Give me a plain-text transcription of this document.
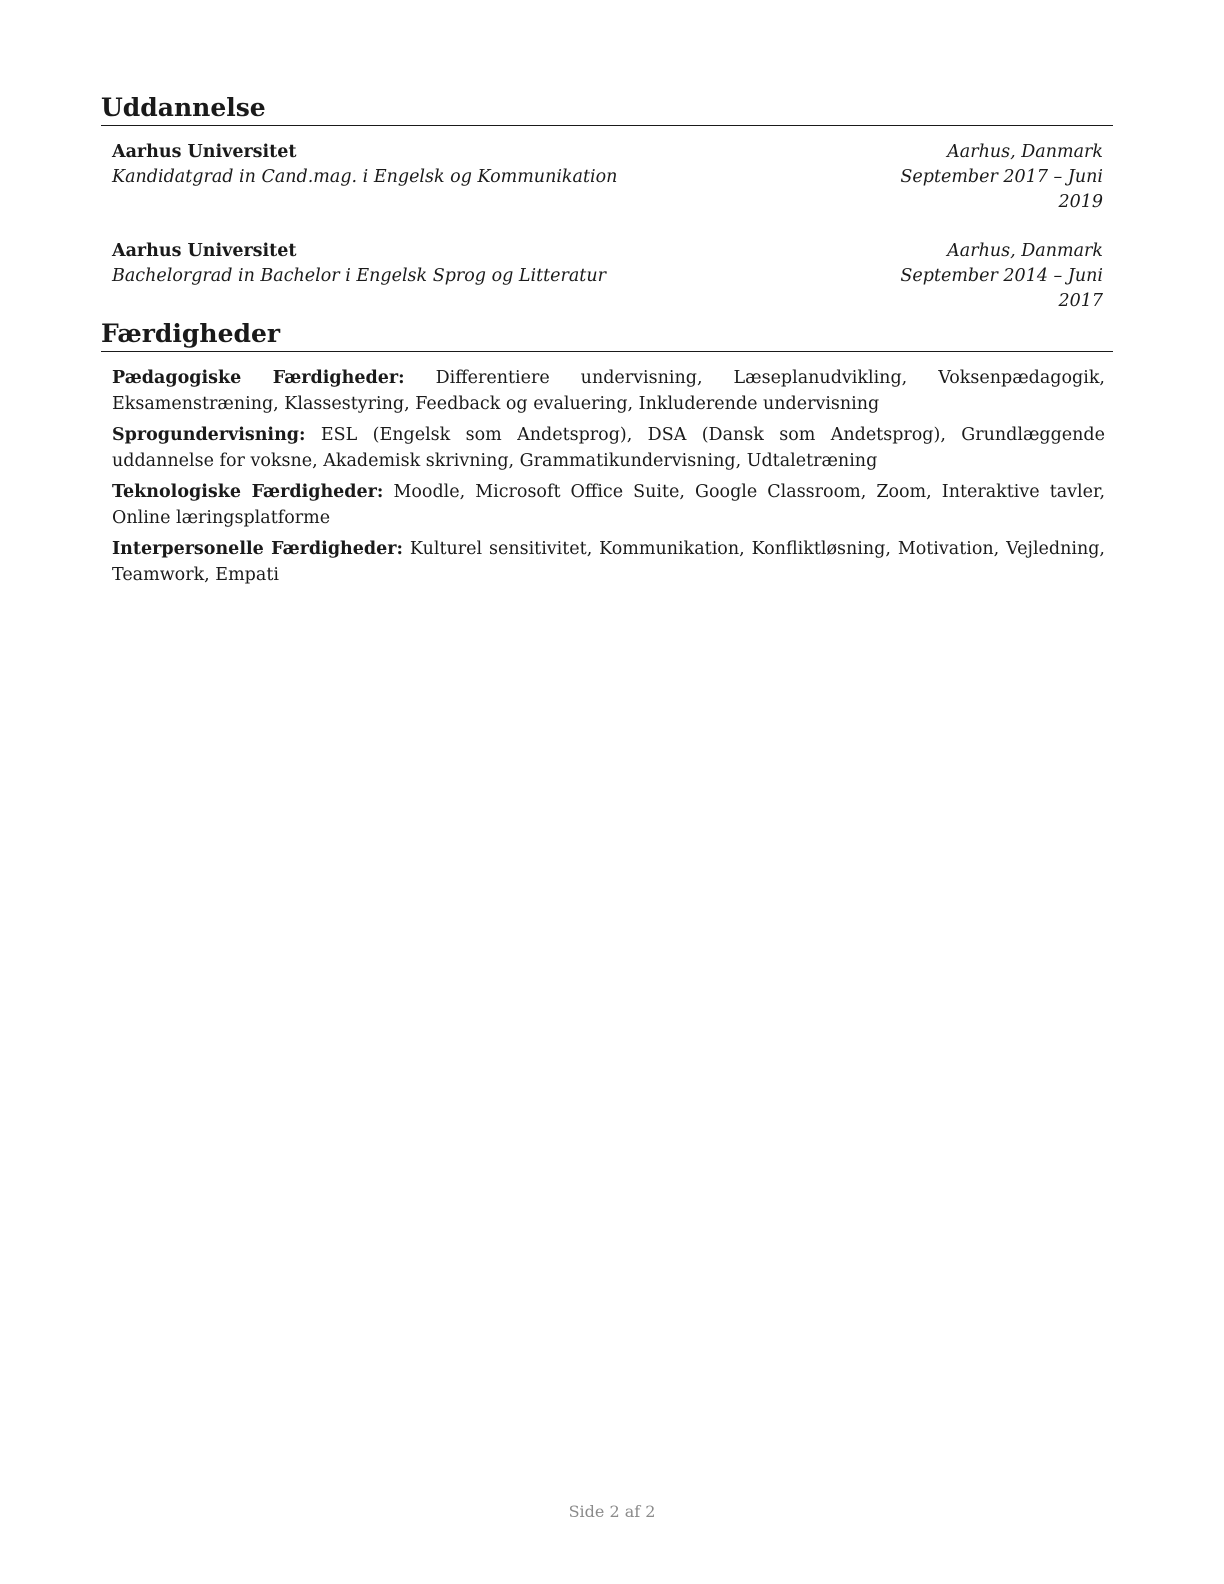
Uddannelse
Aarhus Universitet
Kandidatgrad in Cand.mag. i Engelsk og Kommunikation
Aarhus, Danmark
September 2017 – Juni
2019
Aarhus Universitet
Bachelorgrad in Bachelor i Engelsk Sprog og Litteratur
Aarhus, Danmark
September 2014 – Juni
2017
Færdigheder

Pædagogiske Færdigheder: Differentiere undervisning, Læseplanudvikling, Voksenpædagogik, Eksamenstræning, Klassestyring, Feedback og evaluering, Inkluderende undervisning

Sprogundervisning: ESL (Engelsk som Andetsprog), DSA (Dansk som Andetsprog), Grundlæggende uddannelse for voksne, Akademisk skrivning, Grammatikundervisning, Udtaletræning

Teknologiske Færdigheder: Moodle, Microsoft Office Suite, Google Classroom, Zoom, Interaktive tavler, Online læringsplatforme

Interpersonelle Færdigheder: Kulturel sensitivitet, Kommunikation, Konfliktløsning, Motivation, Vejledning, Teamwork, Empati

Side 2 af 2
